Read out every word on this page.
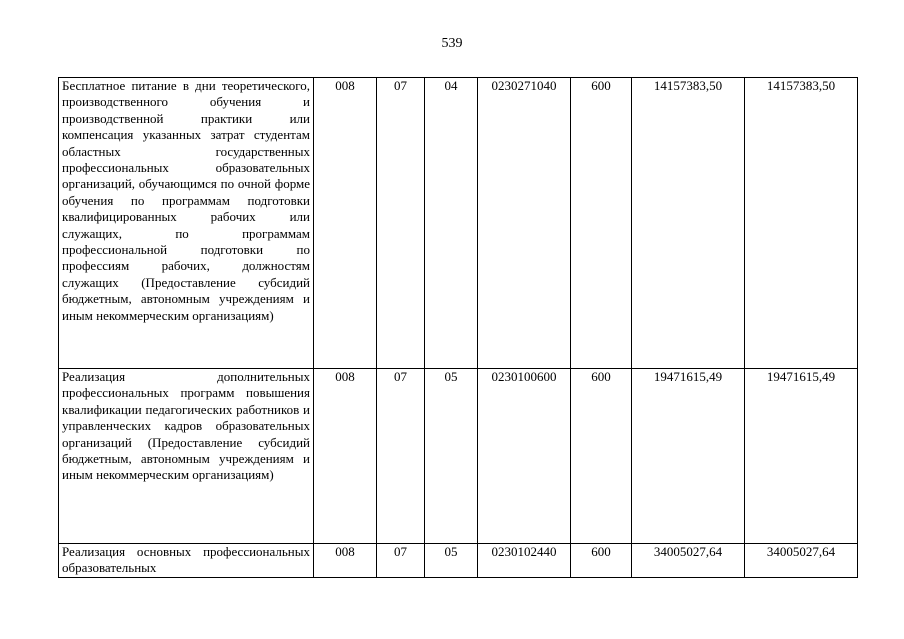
539
Бесплатное питание в дни теоретического, производственного обучения и производственной практики или компенсация указанных затрат студентам областных государственных профессиональных образовательных организаций, обучающимся по очной форме обучения по программам подготовки квалифицированных рабочих или служащих, по программам профессиональной подготовки по профессиям рабочих, должностям служащих (Предоставление субсидий бюджетным, автономным учреждениям и иным некоммерческим организациям)	008	07	04	0230271040	600	14157383,50	14157383,50
Реализация дополнительных профессиональных программ повышения квалификации педагогических работников и управленческих кадров образовательных организаций (Предоставление субсидий бюджетным, автономным учреждениям и иным некоммерческим организациям)	008	07	05	0230100600	600	19471615,49	19471615,49
Реализация основных профессиональных образовательных	008	07	05	0230102440	600	34005027,64	34005027,64
